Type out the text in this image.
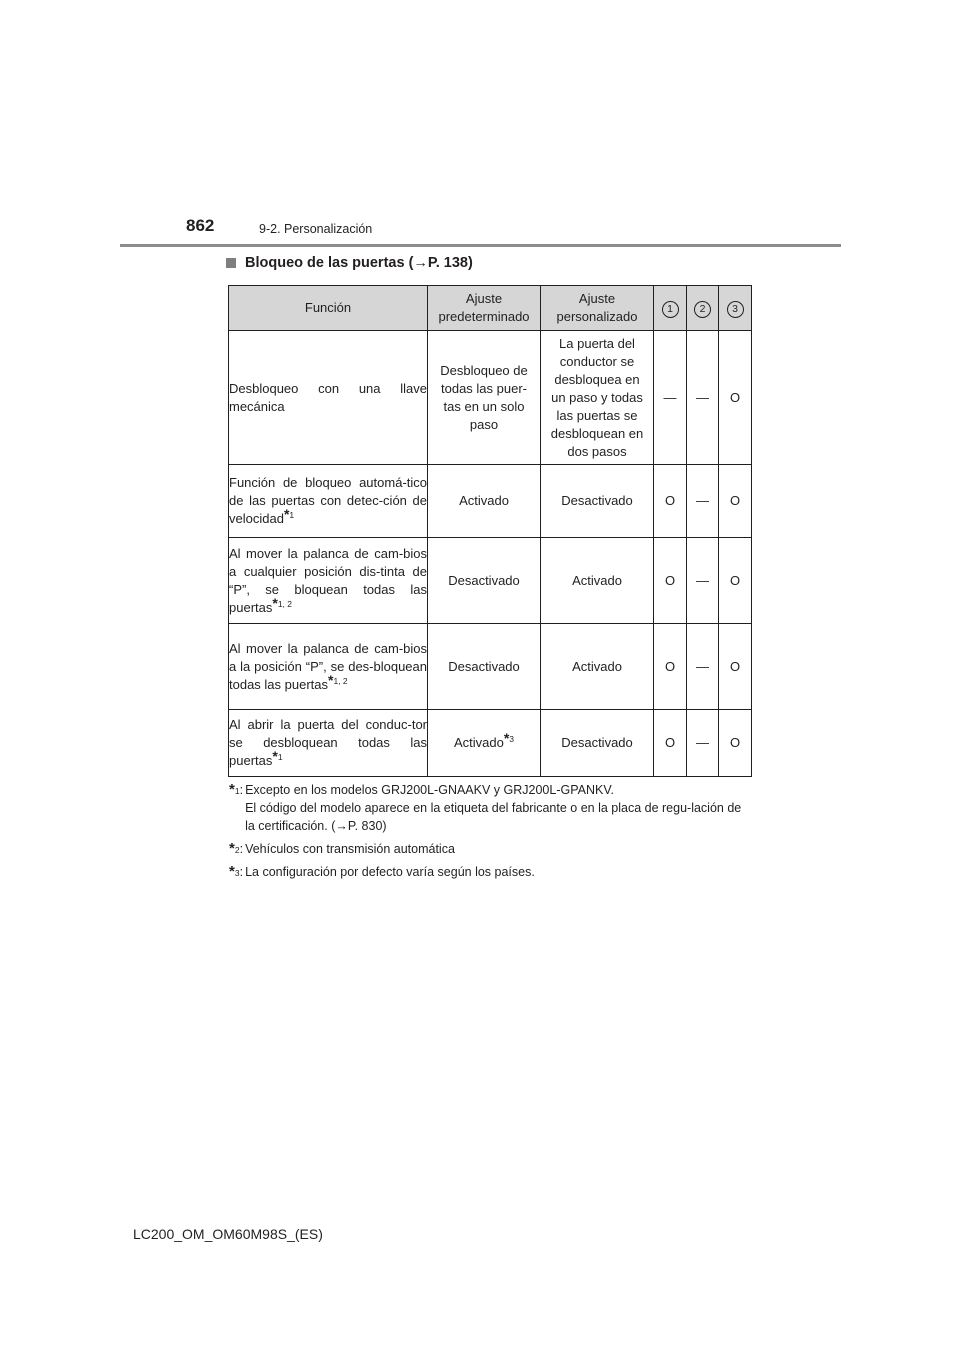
862	9-2. Personalización
Bloqueo de las puertas (→P. 138)
Función	Ajuste predeterminado	Ajuste personalizado	1	2	3

Desbloqueo con una llave mecánica	Desbloqueo de todas las puer-tas en un solo paso	La puerta del conductor se desbloquea en un paso y todas las puertas se desbloquean en dos pasos	—	—	O

Función de bloqueo automá-tico de las puertas con detec-ción de velocidad$^{*1}$	Activado	Desactivado	O	—	O

Al mover la palanca de cam-bios a cualquier posición dis-tinta de “P”, se bloquean todas las puertas$^{*1, 2}$	Desactivado	Activado	O	—	O

Al mover la palanca de cam-bios a la posición “P”, se des-bloquean todas las puertas$^{*1, 2}$	Desactivado	Activado	O	—	O

Al abrir la puerta del conduc-tor se desbloquean todas las puertas$^{*1}$	Activado$^{*3}$	Desactivado	O	—	O
*$^1$: Excepto en los modelos GRJ200L-GNAAKV y GRJ200L-GPANKV.
El código del modelo aparece en la etiqueta del fabricante o en la placa de regu-lación de la certificación. (→P. 830)
*$^2$: Vehículos con transmisión automática
*$^3$: La configuración por defecto varía según los países.
LC200_OM_OM60M98S_(ES)
